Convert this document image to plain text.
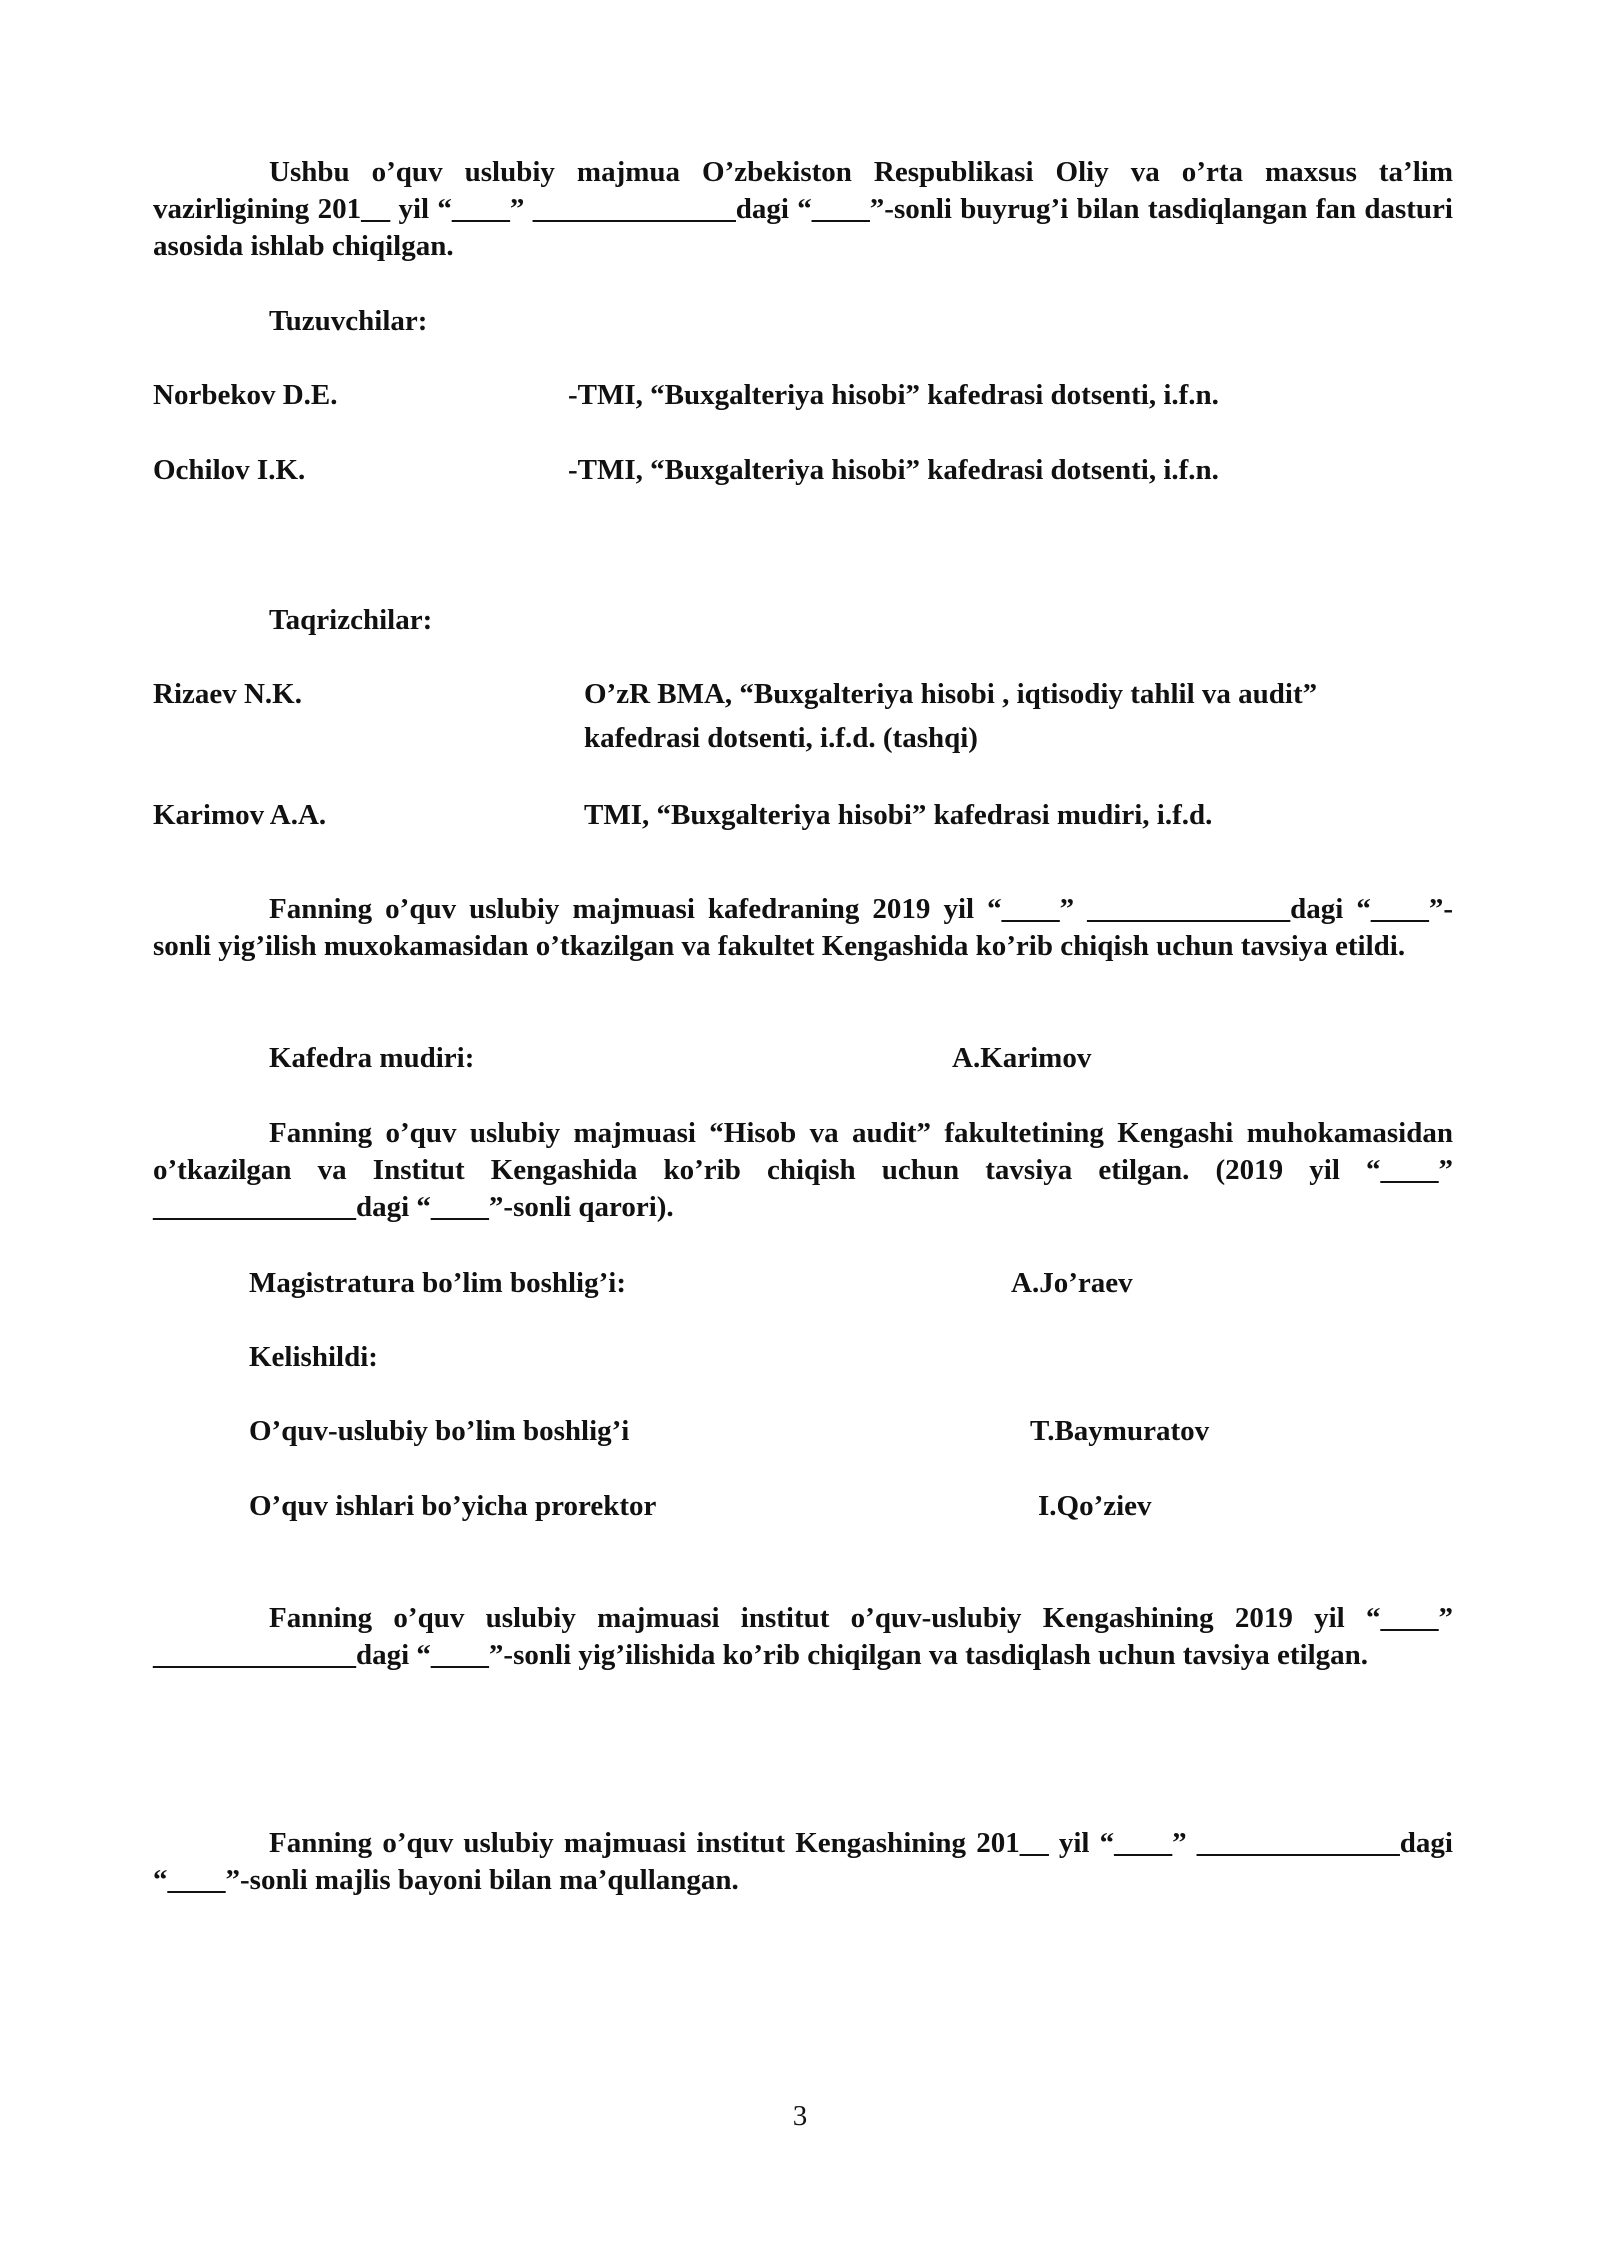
Ushbu o’quv uslubiy majmua O’zbekiston Respublikasi Oliy va o’rta maxsus ta’lim vazirligining 201__ yil “____” ______________dagi “____”-sonli buyrug’i bilan tasdiqlangan fan dasturi asosida ishlab chiqilgan.

Tuzuvchilar:
Norbekov D.E.	-TMI, “Buxgalteriya hisobi” kafedrasi dotsenti, i.f.n.
Ochilov I.K.	-TMI, “Buxgalteriya hisobi” kafedrasi dotsenti, i.f.n.
Taqrizchilar:
Rizaev N.K.	O’zR BMA, “Buxgalteriya hisobi , iqtisodiy tahlil va audit” kafedrasi dotsenti, i.f.d. (tashqi)
Karimov A.A.	TMI, “Buxgalteriya hisobi” kafedrasi mudiri, i.f.d.

Fanning o’quv uslubiy majmuasi kafedraning 2019 yil “____” ______________dagi “____”-sonli yig’ilish muxokamasidan o’tkazilgan va fakultet Kengashida ko’rib chiqish uchun tavsiya etildi.

Kafedra mudiri:	A.Karimov

Fanning o’quv uslubiy majmuasi “Hisob va audit” fakultetining Kengashi muhokamasidan o’tkazilgan va Institut Kengashida ko’rib chiqish uchun tavsiya etilgan. (2019 yil “____” ______________dagi “____”-sonli qarori).

Magistratura bo’lim boshlig’i:	A.Jo’raev
Kelishildi:
O’quv-uslubiy bo’lim boshlig’i	T.Baymuratov
O’quv ishlari bo’yicha prorektor	I.Qo’ziev

Fanning o’quv uslubiy majmuasi institut o’quv-uslubiy Kengashining 2019 yil “____” ______________dagi “____”-sonli yig’ilishida ko’rib chiqilgan va tasdiqlash uchun tavsiya etilgan.

Fanning o’quv uslubiy majmuasi institut Kengashining 201__ yil “____” ______________dagi “____”-sonli majlis bayoni bilan ma’qullangan.

3
